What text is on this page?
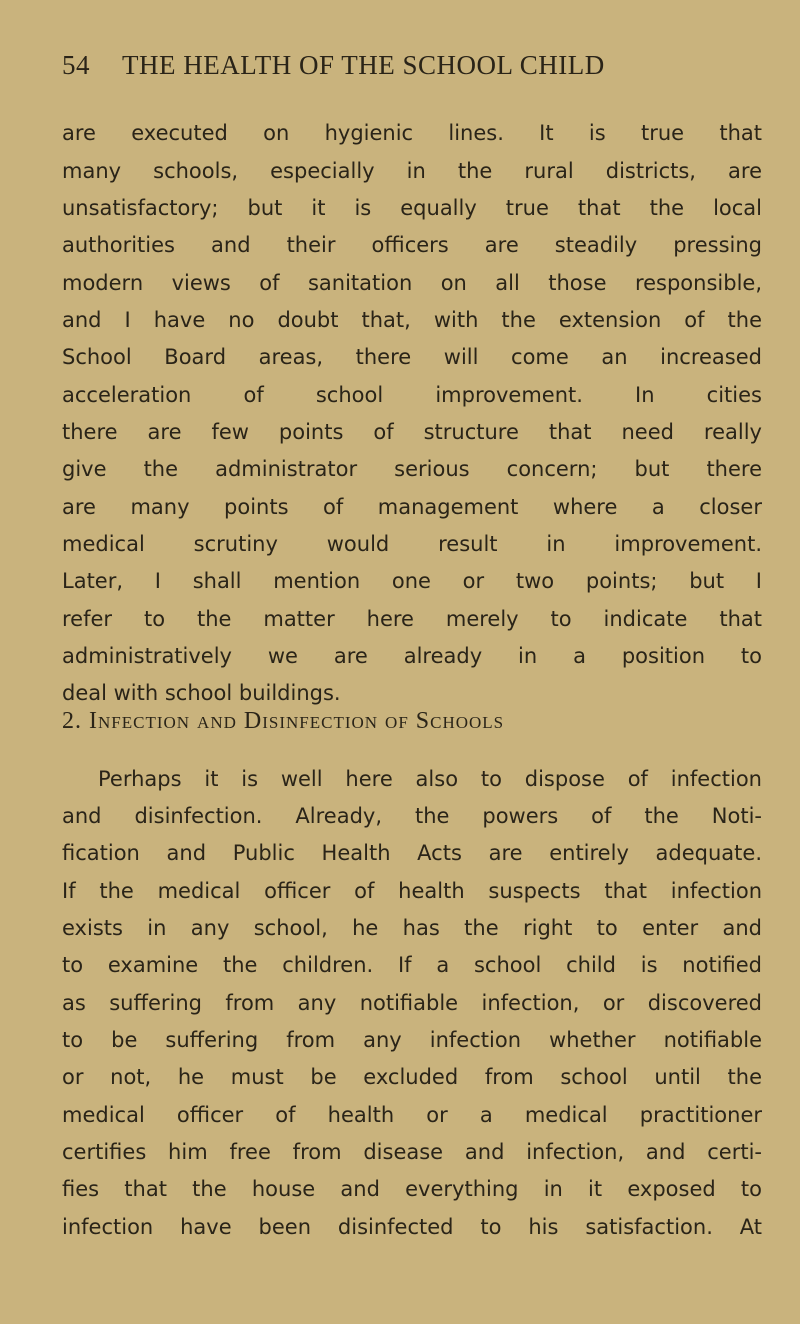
54 THE HEALTH OF THE SCHOOL CHILD
are executed on hygienic lines. It is true that
many schools, especially in the rural districts, are
unsatisfactory; but it is equally true that the local
authorities and their officers are steadily pressing
modern views of sanitation on all those responsible,
and I have no doubt that, with the extension of the
School Board areas, there will come an increased
acceleration of school improvement. In cities
there are few points of structure that need really
give the administrator serious concern; but there
are many points of management where a closer
medical scrutiny would result in improvement.
Later, I shall mention one or two points; but I
refer to the matter here merely to indicate that
administratively we are already in a position to
deal with school buildings.
2. Infection and Disinfection of Schools
Perhaps it is well here also to dispose of infection
and disinfection. Already, the powers of the Noti-
fication and Public Health Acts are entirely adequate.
If the medical officer of health suspects that infection
exists in any school, he has the right to enter and
to examine the children. If a school child is notified
as suffering from any notifiable infection, or discovered
to be suffering from any infection whether notifiable
or not, he must be excluded from school until the
medical officer of health or a medical practitioner
certifies him free from disease and infection, and certi-
fies that the house and everything in it exposed to
infection have been disinfected to his satisfaction. At
